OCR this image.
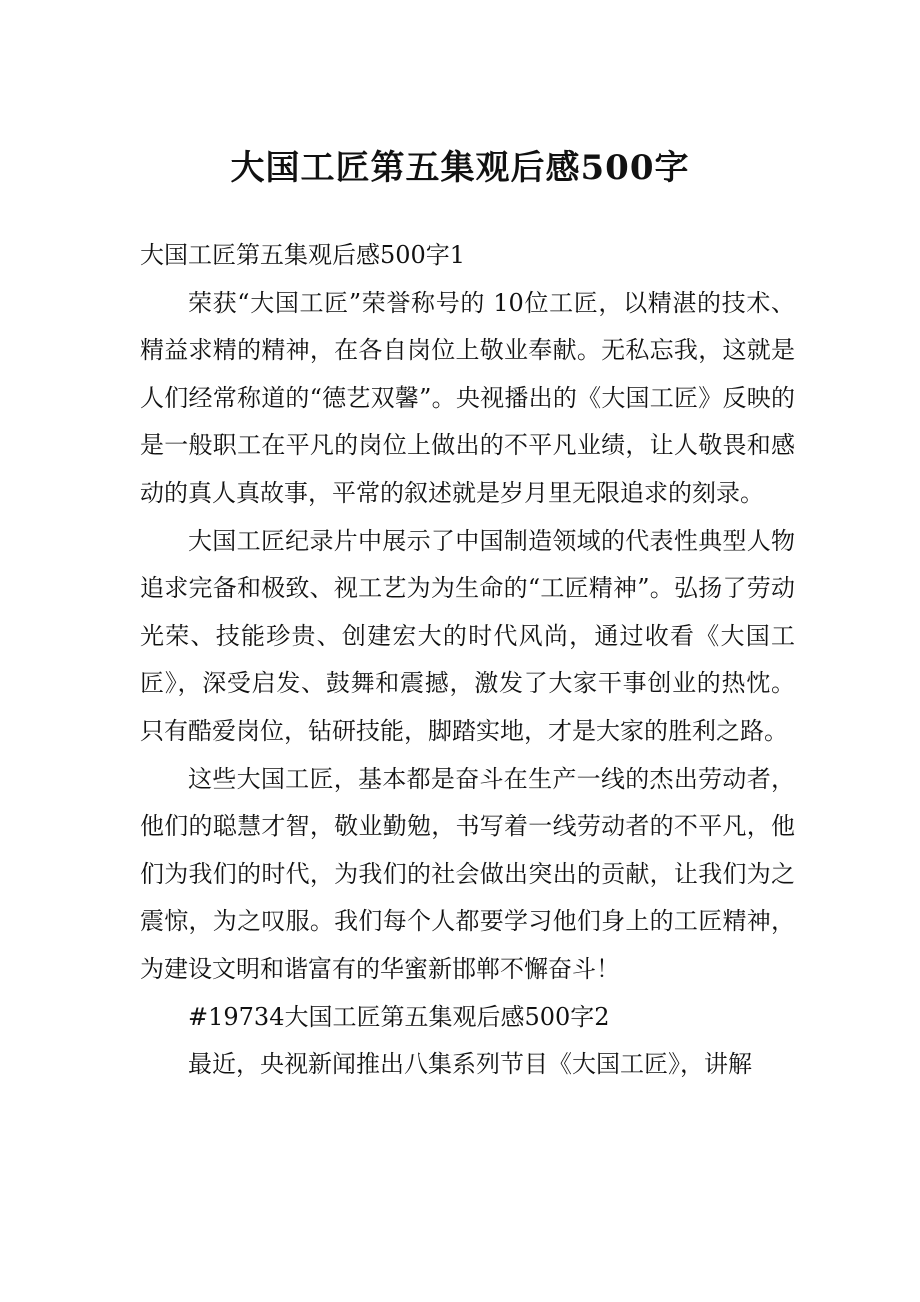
大国工匠第五集观后感500字

大国工匠第五集观后感500字1

荣获“大国工匠”荣誉称号的 10位工匠，以精湛的技术、精益求精的精神，在各自岗位上敬业奉献。无私忘我，这就是人们经常称道的“德艺双馨”。央视播出的《大国工匠》反映的是一般职工在平凡的岗位上做出的不平凡业绩，让人敬畏和感动的真人真故事，平常的叙述就是岁月里无限追求的刻录。

大国工匠纪录片中展示了中国制造领域的代表性典型人物追求完备和极致、视工艺为为生命的“工匠精神”。弘扬了劳动光荣、技能珍贵、创建宏大的时代风尚，通过收看《大国工匠》，深受启发、鼓舞和震撼，激发了大家干事创业的热忱。只有酷爱岗位，钻研技能，脚踏实地，才是大家的胜利之路。

这些大国工匠，基本都是奋斗在生产一线的杰出劳动者，他们的聪慧才智，敬业勤勉，书写着一线劳动者的不平凡，他们为我们的时代，为我们的社会做出突出的贡献，让我们为之震惊，为之叹服。我们每个人都要学习他们身上的工匠精神，为建设文明和谐富有的华蜜新邯郸不懈奋斗！

#19734大国工匠第五集观后感500字2

最近，央视新闻推出八集系列节目《大国工匠》，讲解
